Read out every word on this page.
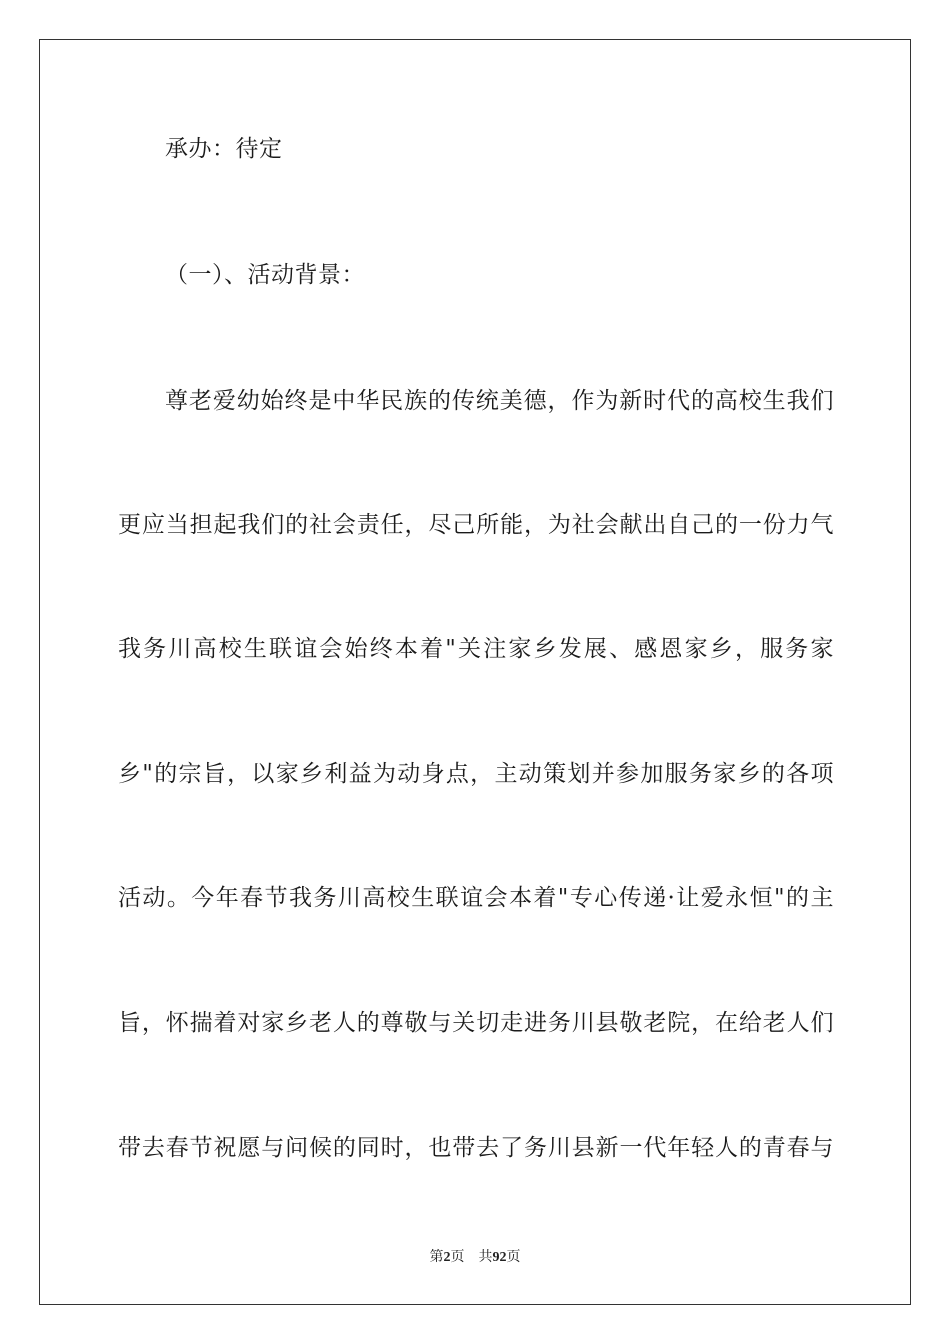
承办：待定
（一）、活动背景：
尊老爱幼始终是中华民族的传统美德，作为新时代的高校生我们
更应当担起我们的社会责任，尽己所能，为社会献出自己的一份力气
我务川高校生联谊会始终本着"关注家乡发展、感恩家乡，服务家
乡"的宗旨，以家乡利益为动身点，主动策划并参加服务家乡的各项
活动。今年春节我务川高校生联谊会本着"专心传递·让爱永恒"的主
旨，怀揣着对家乡老人的尊敬与关切走进务川县敬老院，在给老人们
带去春节祝愿与问候的同时，也带去了务川县新一代年轻人的青春与
第2页 共92页
